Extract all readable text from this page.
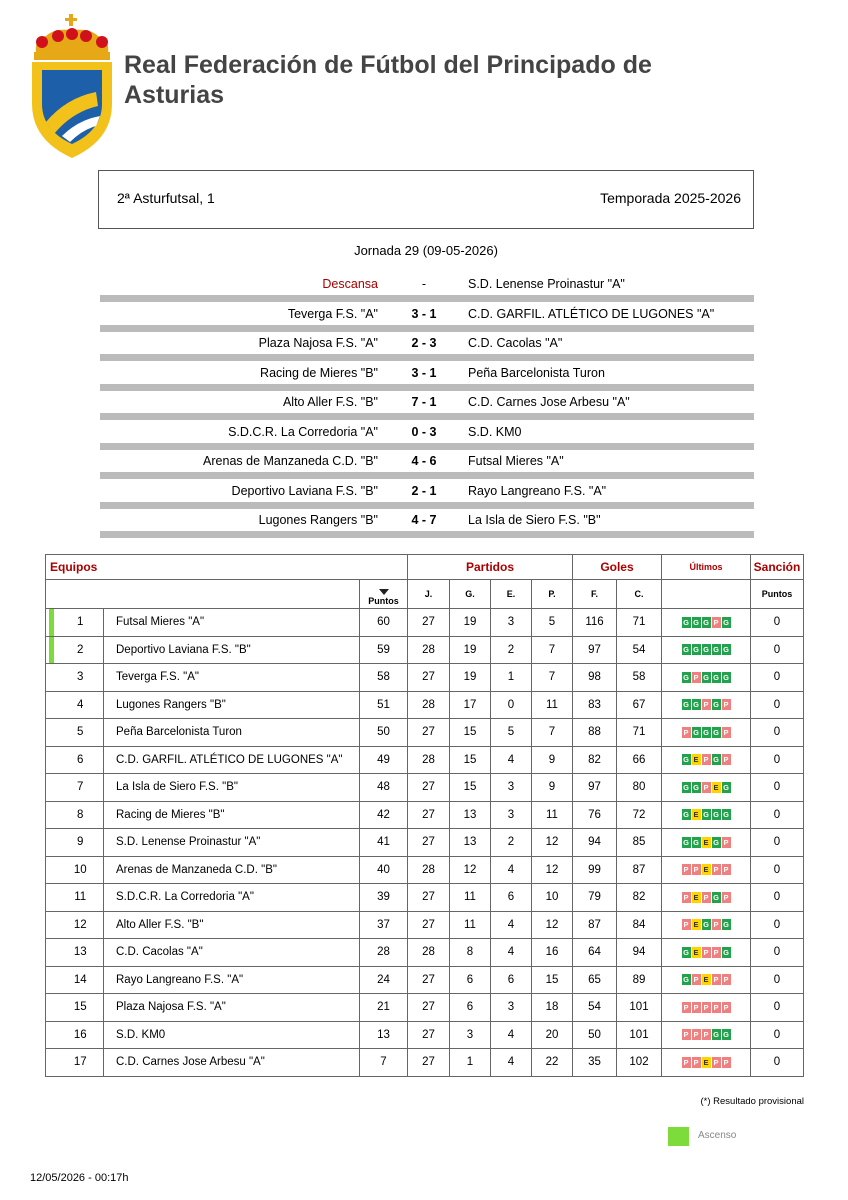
Real Federación de Fútbol del Principado de Asturias
2ª Asturfutsal, 1	Temporada 2025-2026
Jornada 29 (09-05-2026)
Descansa	-	S.D. Lenense Proinastur "A"
Teverga F.S. "A"	3 - 1	C.D. GARFIL. ATLÉTICO DE LUGONES "A"
Plaza Najosa F.S. "A"	2 - 3	C.D. Cacolas "A"
Racing de Mieres "B"	3 - 1	Peña Barcelonista Turon
Alto Aller F.S. "B"	7 - 1	C.D. Carnes Jose Arbesu "A"
S.D.C.R. La Corredoria "A"	0 - 3	S.D. KM0
Arenas de Manzaneda C.D. "B"	4 - 6	Futsal Mieres "A"
Deportivo Laviana F.S. "B"	2 - 1	Rayo Langreano F.S. "A"
Lugones Rangers "B"	4 - 7	La Isla de Siero F.S. "B"
Equipos				Partidos				Goles		Últimos	Sanción

Puntos	J.	G.	E.	P.	F.	C.		Puntos

	1	Futsal Mieres "A"	60	27	19	3	5	116	71	G G G P G	0

	2	Deportivo Laviana F.S. "B"	59	28	19	2	7	97	54	G G G G G	0
	3	Teverga F.S. "A"	58	27	19	1	7	98	58	G P G G G	0
	4	Lugones Rangers "B"	51	28	17	0	11	83	67	G G P G P	0
	5	Peña Barcelonista Turon	50	27	15	5	7	88	71	P G G G P	0
	6	C.D. GARFIL. ATLÉTICO DE LUGONES "A"	49	28	15	4	9	82	66	G E P G P	0
	7	La Isla de Siero F.S. "B"	48	27	15	3	9	97	80	G G P E G	0
	8	Racing de Mieres "B"	42	27	13	3	11	76	72	G E G G G	0
	9	S.D. Lenense Proinastur "A"	41	27	13	2	12	94	85	G G E G P	0
	10	Arenas de Manzaneda C.D. "B"	40	28	12	4	12	99	87	P P E P P	0
	11	S.D.C.R. La Corredoria "A"	39	27	11	6	10	79	82	P E P G P	0
	12	Alto Aller F.S. "B"	37	27	11	4	12	87	84	P E G P G	0
	13	C.D. Cacolas "A"	28	28	8	4	16	64	94	G E P P G	0
	14	Rayo Langreano F.S. "A"	24	27	6	6	15	65	89	G P E P P	0
	15	Plaza Najosa F.S. "A"	21	27	6	3	18	54	101	P P P P P	0
	16	S.D. KM0	13	27	3	4	20	50	101	P P P G G	0
	17	C.D. Carnes Jose Arbesu "A"	7	27	1	4	22	35	102	P P E P P	0
(*) Resultado provisional
Ascenso
12/05/2026 - 00:17h
